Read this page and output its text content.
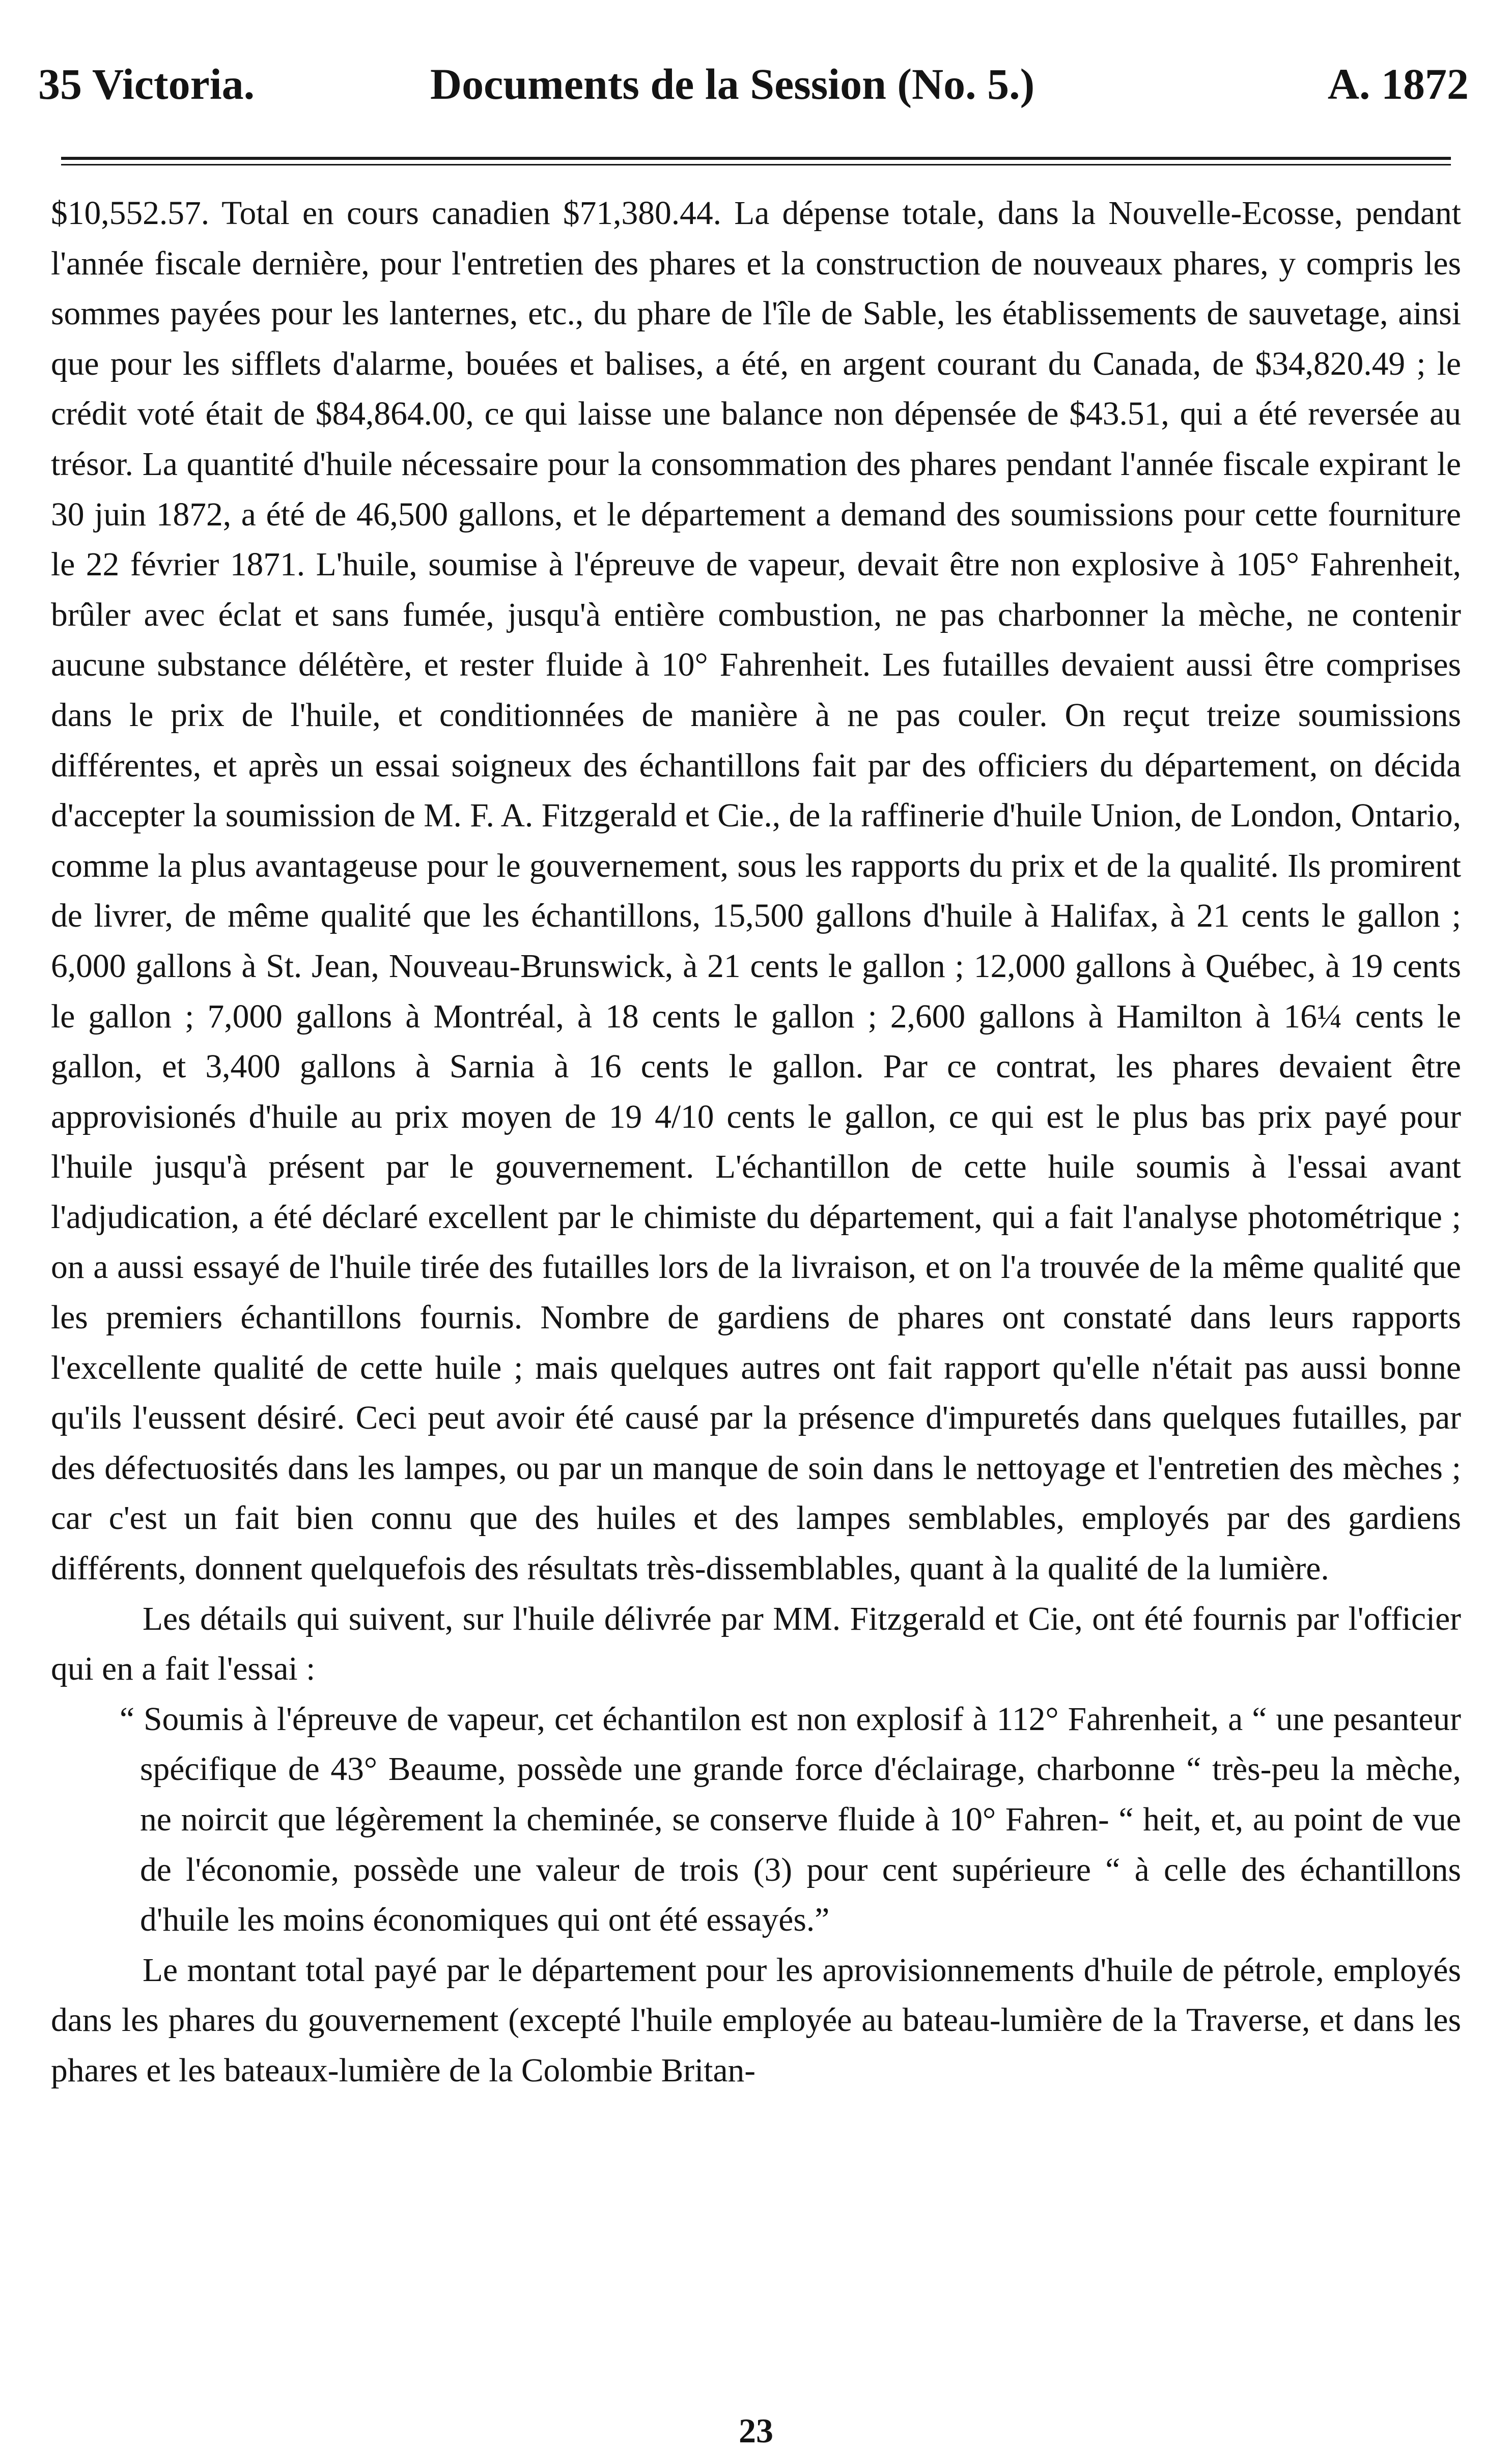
35 Victoria.	Documents de la Session (No. 5.)	A. 1872

$10,552.57. Total en cours canadien $71,380.44. La dépense totale, dans la Nouvelle-Ecosse, pendant l'année fiscale dernière, pour l'entretien des phares et la construction de nouveaux phares, y compris les sommes payées pour les lanternes, etc., du phare de l'île de Sable, les établissements de sauvetage, ainsi que pour les sifflets d'alarme, bouées et balises, a été, en argent courant du Canada, de $34,820.49 ; le crédit voté était de $84,864.00, ce qui laisse une balance non dépensée de $43.51, qui a été reversée au trésor. La quantité d'huile nécessaire pour la consommation des phares pendant l'année fiscale expirant le 30 juin 1872, a été de 46,500 gallons, et le département a demand des soumissions pour cette fourniture le 22 février 1871. L'huile, soumise à l'épreuve de vapeur, devait être non explosive à 105° Fahrenheit, brûler avec éclat et sans fumée, jusqu'à entière combustion, ne pas charbonner la mèche, ne contenir aucune substance délétère, et rester fluide à 10° Fahrenheit. Les futailles devaient aussi être comprises dans le prix de l'huile, et conditionnées de manière à ne pas couler. On reçut treize soumissions différentes, et après un essai soigneux des échantillons fait par des officiers du département, on décida d'accepter la soumission de M. F. A. Fitzgerald et Cie., de la raffinerie d'huile Union, de London, Ontario, comme la plus avantageuse pour le gouvernement, sous les rapports du prix et de la qualité. Ils promirent de livrer, de même qualité que les échantillons, 15,500 gallons d'huile à Halifax, à 21 cents le gallon ; 6,000 gallons à St. Jean, Nouveau-Brunswick, à 21 cents le gallon ; 12,000 gallons à Québec, à 19 cents le gallon ; 7,000 gallons à Montréal, à 18 cents le gallon ; 2,600 gallons à Hamilton à 16¼ cents le gallon, et 3,400 gallons à Sarnia à 16 cents le gallon. Par ce contrat, les phares devaient être approvisionés d'huile au prix moyen de 19 4/10 cents le gallon, ce qui est le plus bas prix payé pour l'huile jusqu'à présent par le gouvernement. L'échantillon de cette huile soumis à l'essai avant l'adjudication, a été déclaré excellent par le chimiste du département, qui a fait l'analyse photométrique ; on a aussi essayé de l'huile tirée des futailles lors de la livraison, et on l'a trouvée de la même qualité que les premiers échantillons fournis. Nombre de gardiens de phares ont constaté dans leurs rapports l'excellente qualité de cette huile ; mais quelques autres ont fait rapport qu'elle n'était pas aussi bonne qu'ils l'eussent désiré. Ceci peut avoir été causé par la présence d'impuretés dans quelques futailles, par des défectuosités dans les lampes, ou par un manque de soin dans le nettoyage et l'entretien des mèches ; car c'est un fait bien connu que des huiles et des lampes semblables, employés par des gardiens différents, donnent quelquefois des résultats très-dissemblables, quant à la qualité de la lumière.

Les détails qui suivent, sur l'huile délivrée par MM. Fitzgerald et Cie, ont été fournis par l'officier qui en a fait l'essai :

“ Soumis à l'épreuve de vapeur, cet échantilon est non explosif à 112° Fahrenheit, a “ une pesanteur spécifique de 43° Beaume, possède une grande force d'éclairage, charbonne “ très-peu la mèche, ne noircit que légèrement la cheminée, se conserve fluide à 10° Fahren- “ heit, et, au point de vue de l'économie, possède une valeur de trois (3) pour cent supérieure “ à celle des échantillons d'huile les moins économiques qui ont été essayés.”

Le montant total payé par le département pour les aprovisionnements d'huile de pétrole, employés dans les phares du gouvernement (excepté l'huile employée au bateau-lumière de la Traverse, et dans les phares et les bateaux-lumière de la Colombie Britan-

23
